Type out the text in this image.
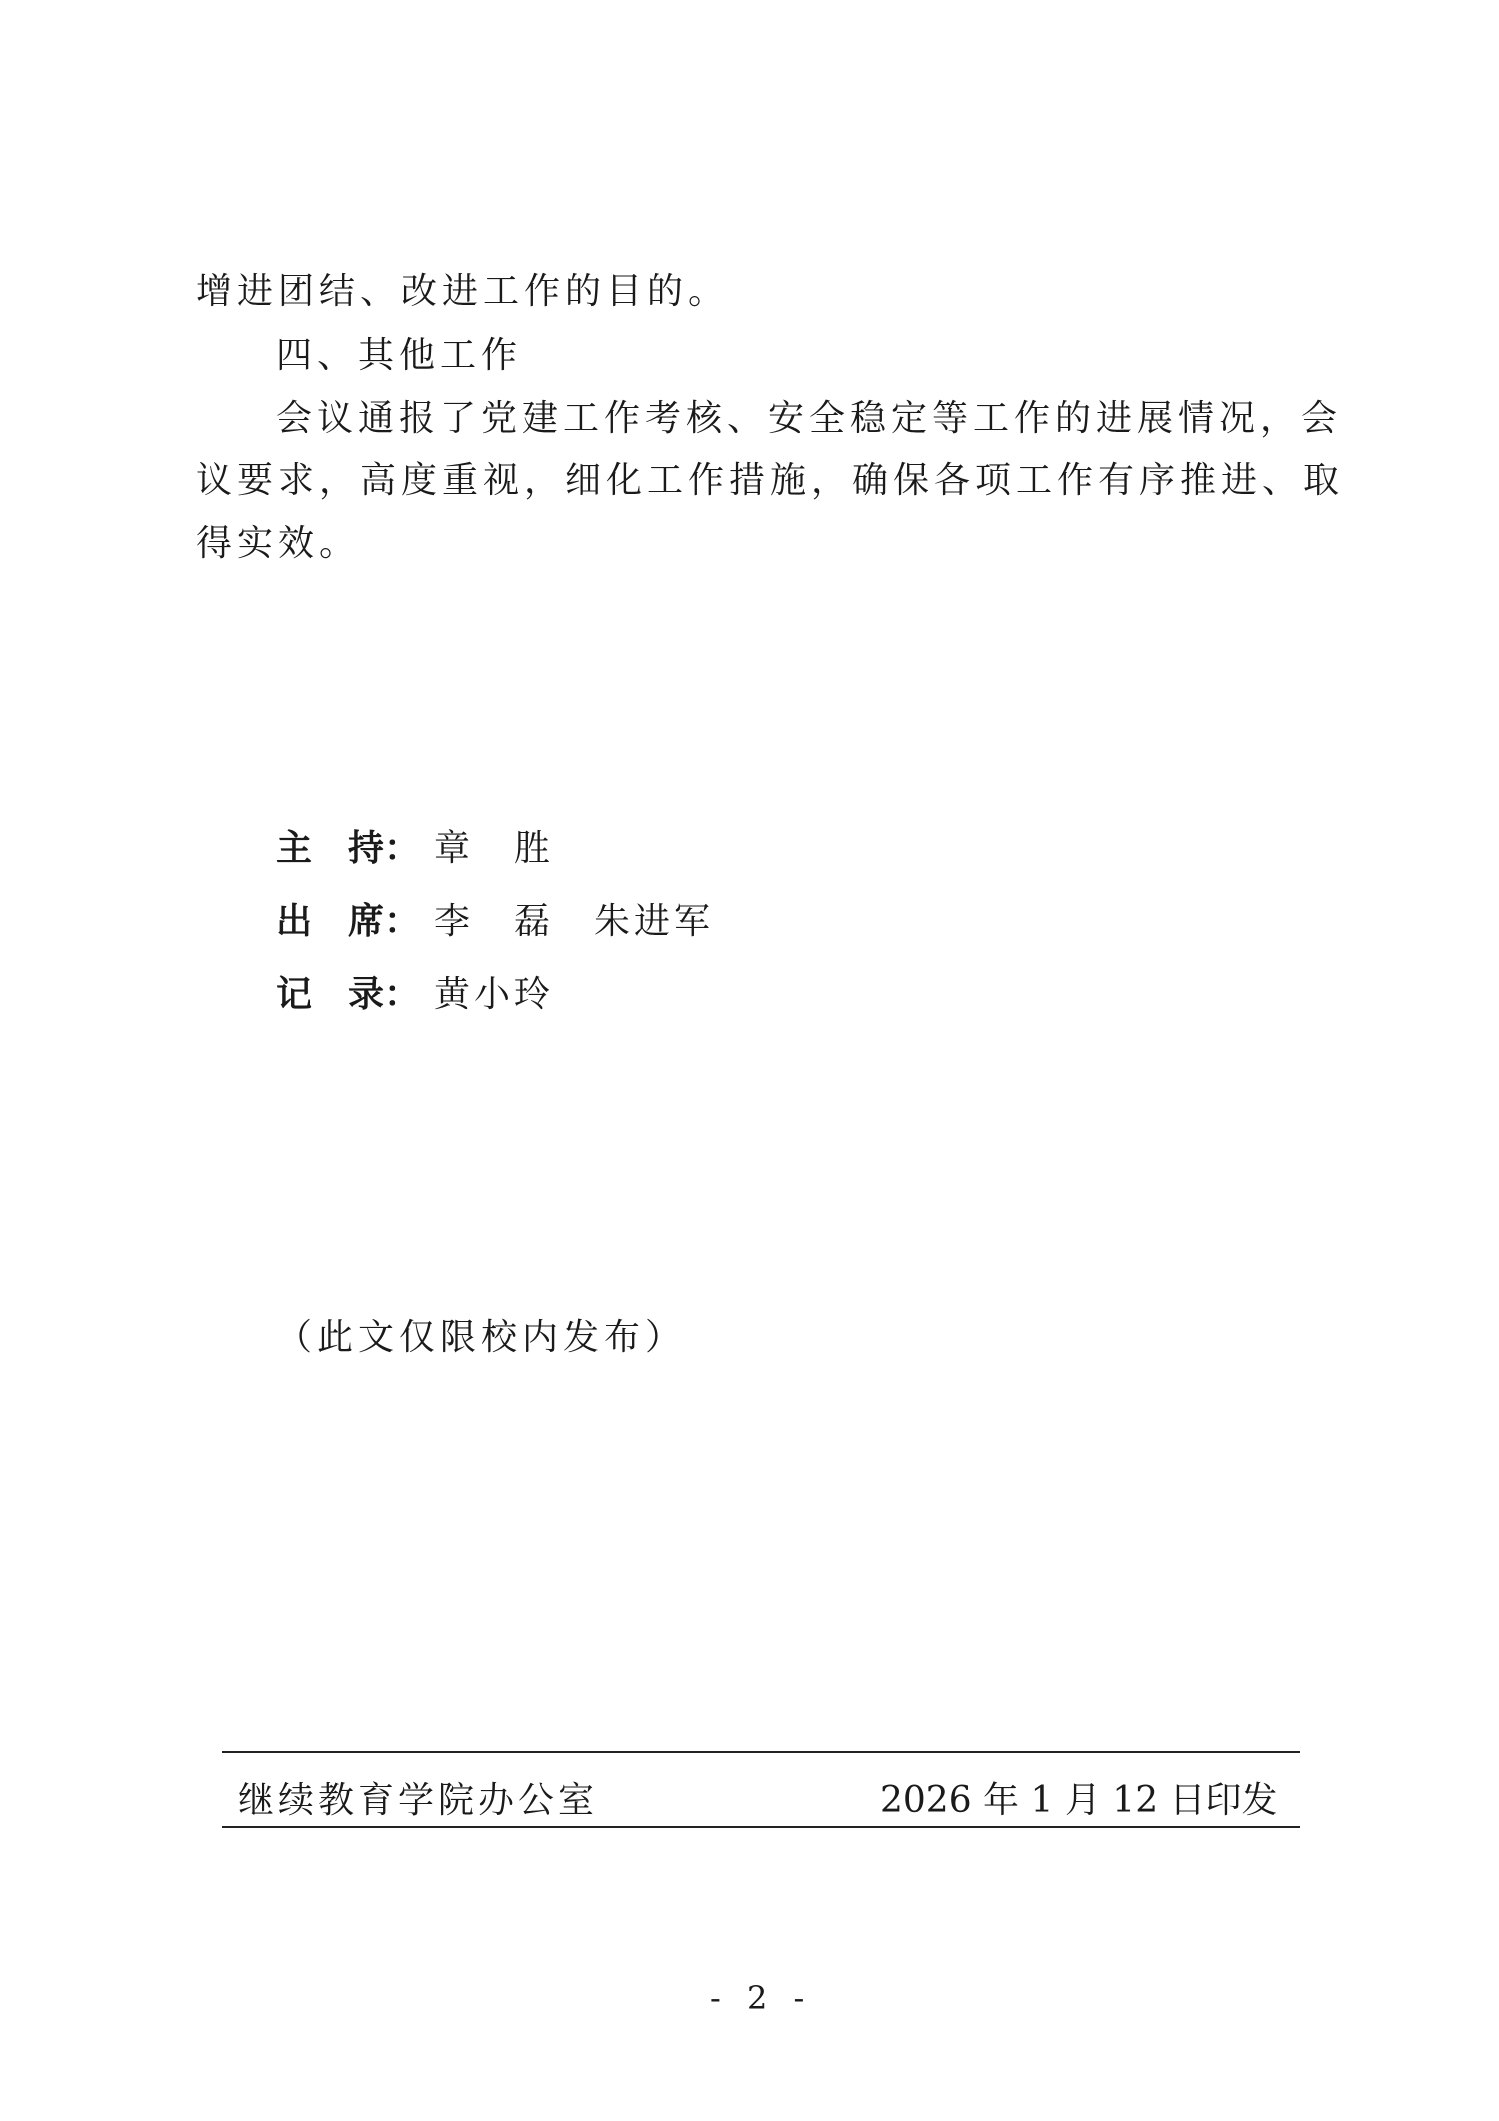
增进团结、改进工作的目的。
四、其他工作
会议通报了党建工作考核、安全稳定等工作的进展情况，会
议要求，高度重视，细化工作措施，确保各项工作有序推进、取
得实效。
主　持： 章　胜
出　席： 李　磊　朱进军
记　录： 黄小玲
（此文仅限校内发布）
继续教育学院办公室	2026 年 1 月 12 日印发
- 2 -
